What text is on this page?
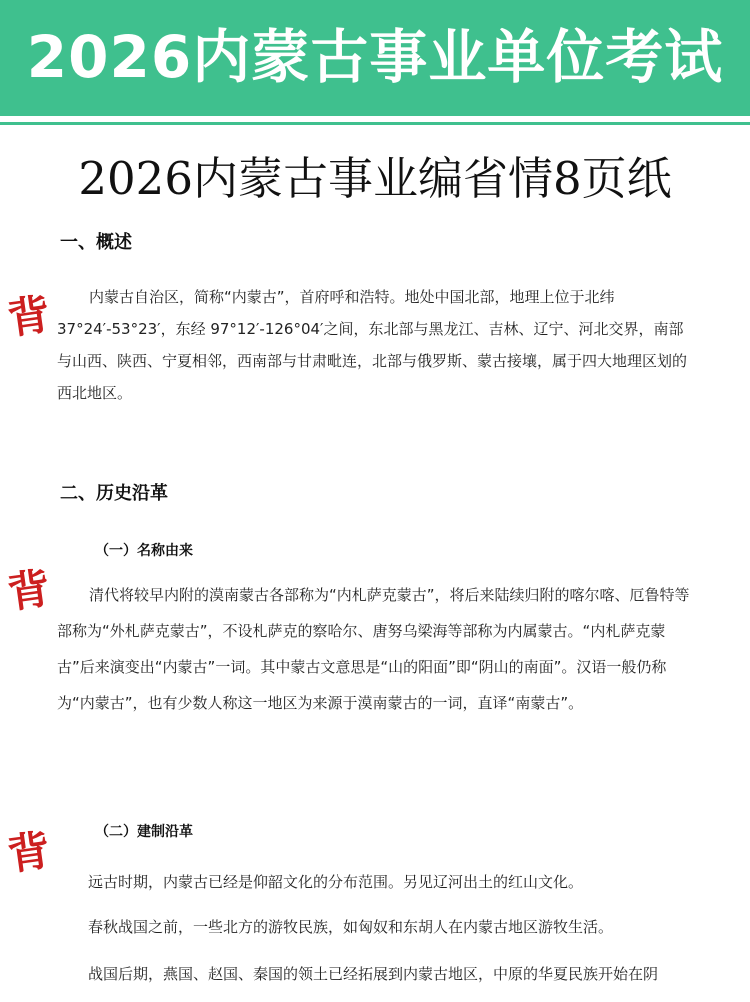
2026内蒙古事业单位考试
2026内蒙古事业编省情8页纸
一、概述
背	内蒙古自治区，简称“内蒙古”，首府呼和浩特。地处中国北部，地理上位于北纬37°24′-53°23′，东经 97°12′-126°04′之间，东北部与黑龙江、吉林、辽宁、河北交界，南部与山西、陕西、宁夏相邻，西南部与甘肃毗连，北部与俄罗斯、蒙古接壤，属于四大地理区划的西北地区。
二、历史沿革
（一）名称由来
背	清代将较早内附的漠南蒙古各部称为“内札萨克蒙古”，将后来陆续归附的喀尔喀、厄鲁特等部称为“外札萨克蒙古”，不设札萨克的察哈尔、唐努乌梁海等部称为内属蒙古。“内札萨克蒙古”后来演变出“内蒙古”一词。其中蒙古文意思是“山的阳面”即“阴山的南面”。汉语一般仍称为“内蒙古”，也有少数人称这一地区为来源于漠南蒙古的一词，直译“南蒙古”。
（二）建制沿革
背
远古时期，内蒙古已经是仰韶文化的分布范围。另见辽河出土的红山文化。
春秋战国之前，一些北方的游牧民族，如匈奴和东胡人在内蒙古地区游牧生活。
战国后期，燕国、赵国、秦国的领土已经拓展到内蒙古地区，中原的华夏民族开始在阴
